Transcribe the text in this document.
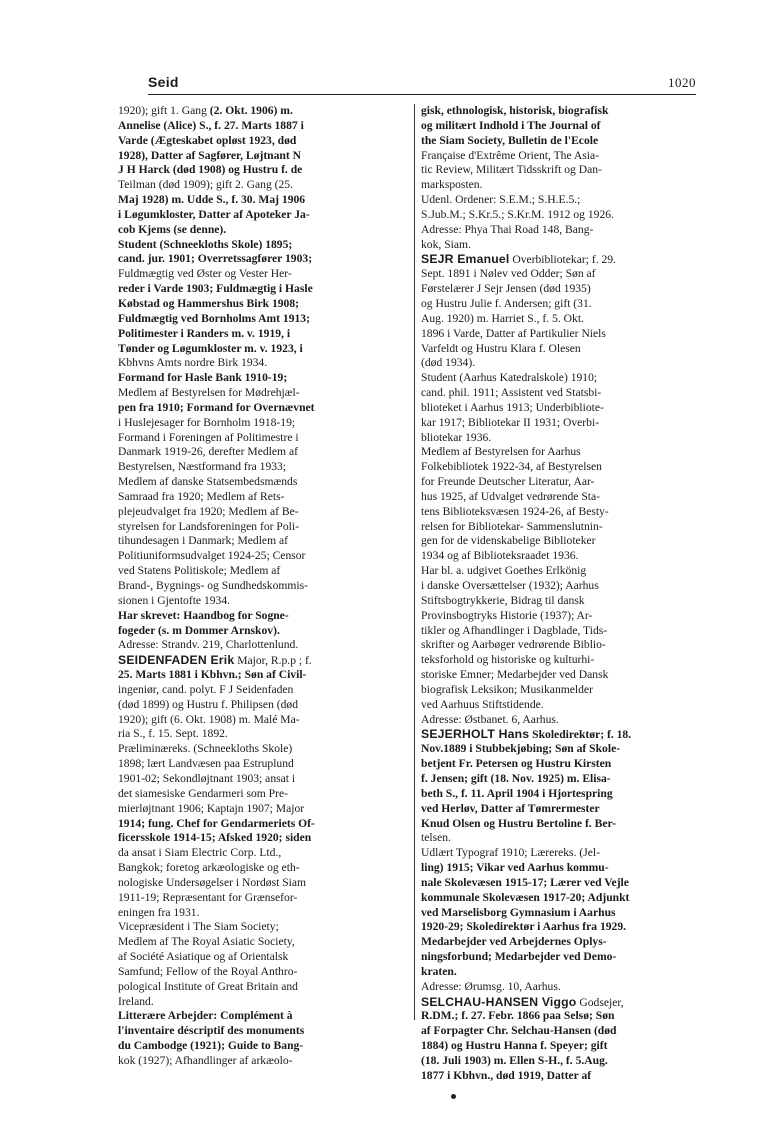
Seid	1020
1920); gift 1. Gang (2. Okt. 1906) m.
Annelise (Alice) S., f. 27. Marts 1887 i
Varde (Ægteskabet opløst 1923, død
1928), Datter af Sagfører, Løjtnant N
J H Harck (død 1908) og Hustru f. de
Teilman (død 1909); gift 2. Gang (25.
Maj 1928) m. Udde S., f. 30. Maj 1906
i Løgumkloster, Datter af Apoteker Ja-
cob Kjems (se denne).
Student (Schneekloths Skole) 1895;
cand. jur. 1901; Overretssagfører 1903;
Fuldmægtig ved Øster og Vester Her-
reder i Varde 1903; Fuldmægtig i Hasle
Købstad og Hammershus Birk 1908;
Fuldmægtig ved Bornholms Amt 1913;
Politimester i Randers m. v. 1919, i
Tønder og Løgumkloster m. v. 1923, i
Kbhvns Amts nordre Birk 1934.
Formand for Hasle Bank 1910-19;
Medlem af Bestyrelsen for Mødrehjæl-
pen fra 1910; Formand for Overnævnet
i Huslejesager for Bornholm 1918-19;
Formand i Foreningen af Politimestre i
Danmark 1919-26, derefter Medlem af
Bestyrelsen, Næstformand fra 1933;
Medlem af danske Statsembedsmænds
Samraad fra 1920; Medlem af Rets-
plejeudvalget fra 1920; Medlem af Be-
styrelsen for Landsforeningen for Poli-
tihundesagen i Danmark; Medlem af
Politiuniformsudvalget 1924-25; Censor
ved Statens Politiskole; Medlem af
Brand-, Bygnings- og Sundhedskommis-
sionen i Gjentofte 1934.
Har skrevet: Haandbog for Sogne-
fogeder (s. m Dommer Arnskov).
Adresse: Strandv. 219, Charlottenlund.
SEIDENFADEN Erik Major, R.p.p ; f.
25. Marts 1881 i Kbhvn.; Søn af Civil-
ingeniør, cand. polyt. F J Seidenfaden
(død 1899) og Hustru f. Philipsen (død
1920); gift (6. Okt. 1908) m. Malé Ma-
ria S., f. 15. Sept. 1892.
Præliminæreks. (Schneekloths Skole)
1898; lært Landvæsen paa Estruplund
1901-02; Sekondløjtnant 1903; ansat i
det siamesiske Gendarmeri som Pre-
mierløjtnant 1906; Kaptajn 1907; Major
1914; fung. Chef for Gendarmeriets Of-
ficersskole 1914-15; Afsked 1920; siden
da ansat i Siam Electric Corp. Ltd.,
Bangkok; foretog arkæologiske og eth-
nologiske Undersøgelser i Nordøst Siam
1911-19; Repræsentant for Grænsefor-
eningen fra 1931.
Vicepræsident i The Siam Society;
Medlem af The Royal Asiatic Society,
af Société Asiatique og af Orientalsk
Samfund; Fellow of the Royal Anthro-
pological Institute of Great Britain and
Ireland.
Litterære Arbejder: Complément à
l'inventaire déscriptif des monuments
du Cambodge (1921); Guide to Bang-
kok (1927); Afhandlinger af arkæolo-
gisk, ethnologisk, historisk, biografisk
og militært Indhold i The Journal of
the Siam Society, Bulletin de l'Ecole
Française d'Extrême Orient, The Asia-
tic Review, Militært Tidsskrift og Dan-
marksposten.
Udenl. Ordener: S.E.M.; S.H.E.5.;
S.Jub.M.; S.Kr.5.; S.Kr.M. 1912 og 1926.
Adresse: Phya Thai Road 148, Bang-
kok, Siam.
SEJR Emanuel Overbibliotekar; f. 29.
Sept. 1891 i Nølev ved Odder; Søn af
Førstelærer J Sejr Jensen (død 1935)
og Hustru Julie f. Andersen; gift (31.
Aug. 1920) m. Harriet S., f. 5. Okt.
1896 i Varde, Datter af Partikulier Niels
Varfeldt og Hustru Klara f. Olesen
(død 1934).
Student (Aarhus Katedralskole) 1910;
cand. phil. 1911; Assistent ved Statsbi-
blioteket i Aarhus 1913; Underbibliote-
kar 1917; Bibliotekar II 1931; Overbi-
bliotekar 1936.
Medlem af Bestyrelsen for Aarhus
Folkebibliotek 1922-34, af Bestyrelsen
for Freunde Deutscher Literatur, Aar-
hus 1925, af Udvalget vedrørende Sta-
tens Biblioteksvæsen 1924-26, af Besty-
relsen for Bibliotekar- Sammenslutnin-
gen for de videnskabelige Biblioteker
1934 og af Biblioteksraadet 1936.
Har bl. a. udgivet Goethes Erlkönig
i danske Oversættelser (1932); Aarhus
Stiftsbogtrykkerie, Bidrag til dansk
Provinsbogtryks Historie (1937); Ar-
tikler og Afhandlinger i Dagblade, Tids-
skrifter og Aarbøger vedrørende Biblio-
teksforhold og historiske og kulturhi-
storiske Emner; Medarbejder ved Dansk
biografisk Leksikon; Musikanmelder
ved Aarhuus Stiftstidende.
Adresse: Østbanet. 6, Aarhus.
SEJERHOLT Hans Skoledirektør; f. 18.
Nov.1889 i Stubbekjøbing; Søn af Skole-
betjent Fr. Petersen og Hustru Kirsten
f. Jensen; gift (18. Nov. 1925) m. Elisa-
beth S., f. 11. April 1904 i Hjortespring
ved Herløv, Datter af Tømrermester
Knud Olsen og Hustru Bertoline f. Ber-
telsen.
Udlært Typograf 1910; Lærereks. (Jel-
ling) 1915; Vikar ved Aarhus kommu-
nale Skolevæsen 1915-17; Lærer ved Vejle
kommunale Skolevæsen 1917-20; Adjunkt
ved Marselisborg Gymnasium i Aarhus
1920-29; Skoledirektør i Aarhus fra 1929.
Medarbejder ved Arbejdernes Oplys-
ningsforbund; Medarbejder ved Demo-
kraten.
Adresse: Ørumsg. 10, Aarhus.
SELCHAU-HANSEN Viggo Godsejer,
R.DM.; f. 27. Febr. 1866 paa Selsø; Søn
af Forpagter Chr. Selchau-Hansen (død
1884) og Hustru Hanna f. Speyer; gift
(18. Juli 1903) m. Ellen S-H., f. 5.Aug.
1877 i Kbhvn., død 1919, Datter af
